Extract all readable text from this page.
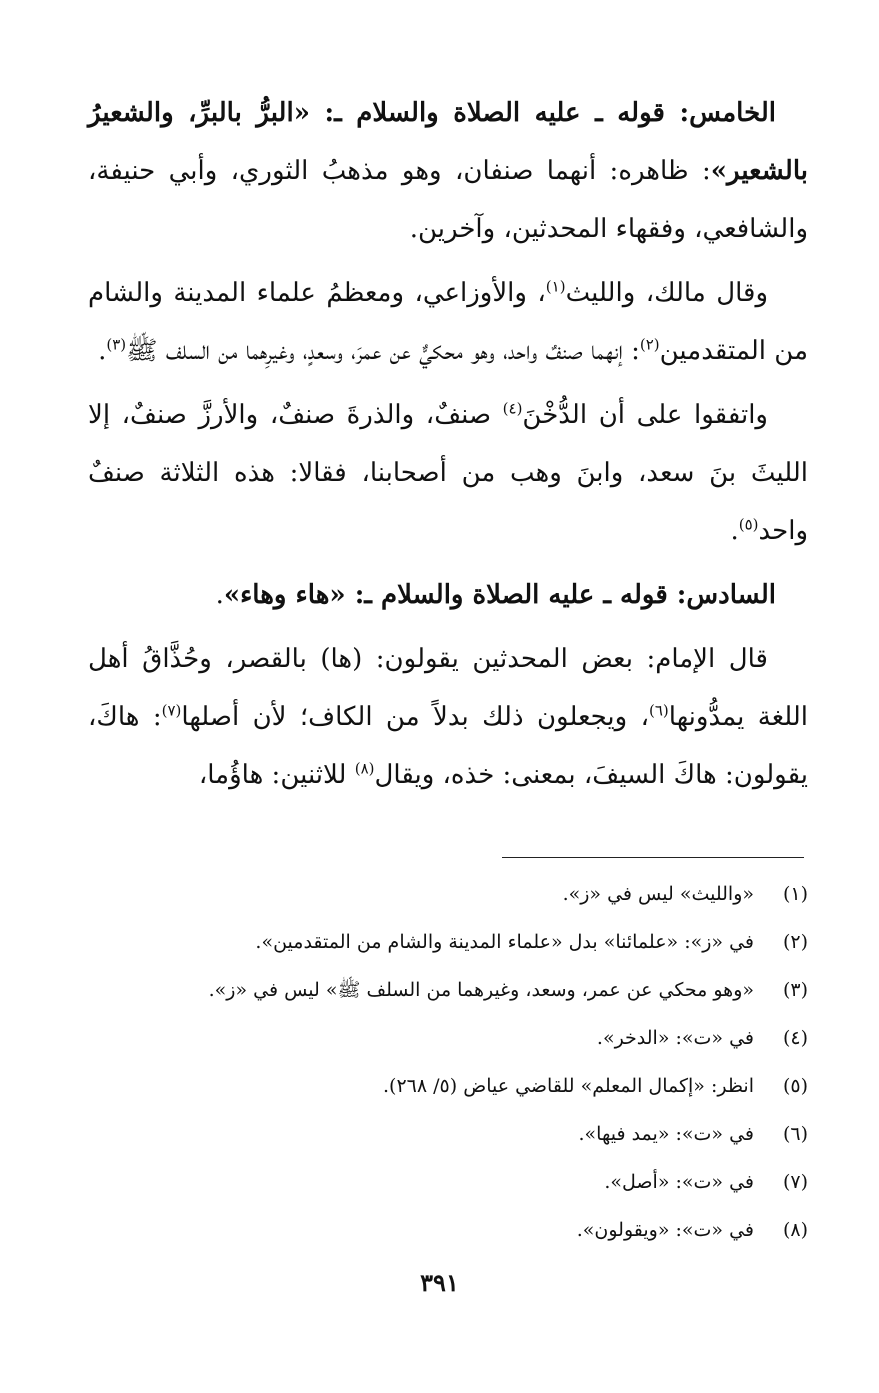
الخامس: قوله ـ عليه الصلاة والسلام ـ: «البرُّ بالبرِّ، والشعيرُ بالشعير»: ظاهره: أنهما صنفان، وهو مذهبُ الثوري، وأبي حنيفة، والشافعي، وفقهاء المحدثين، وآخرين.

وقال مالك، والليث$^{(١)}$، والأوزاعي، ومعظمُ علماء المدينة والشام من المتقدمين$^{(٢)}$: إنهما صنفٌ واحد، وهو محكيٌّ عن عمرَ، وسعدٍ، وغيرِهما من السلف ﷺ$^{(٣)}$.

واتفقوا على أن الدُّخْنَ$^{(٤)}$ صنفٌ، والذرةَ صنفٌ، والأرزَّ صنفٌ، إلا الليثَ بنَ سعد، وابنَ وهب من أصحابنا، فقالا: هذه الثلاثة صنفٌ واحد$^{(٥)}$.

السادس: قوله ـ عليه الصلاة والسلام ـ: «هاء وهاء».

قال الإمام: بعض المحدثين يقولون: (ها) بالقصر، وحُذَّاقُ أهل اللغة يمدُّونها$^{(٦)}$، ويجعلون ذلك بدلاً من الكاف؛ لأن أصلها$^{(٧)}$: هاكَ، يقولون: هاكَ السيفَ، بمعنى: خذه، ويقال$^{(٨)}$ للاثنين: هاؤُما،

(١)
«والليث» ليس في «ز».
(٢)
في «ز»: «علمائنا» بدل «علماء المدينة والشام من المتقدمين».
(٣)
«وهو محكي عن عمر، وسعد، وغيرهما من السلف ﷺ» ليس في «ز».
(٤)
في «ت»: «الدخر».
(٥)
انظر: «إكمال المعلم» للقاضي عياض (٥/ ٢٦٨).
(٦)
في «ت»: «يمد فيها».
(٧)
في «ت»: «أصل».
(٨)
في «ت»: «ويقولون».
٣٩١
